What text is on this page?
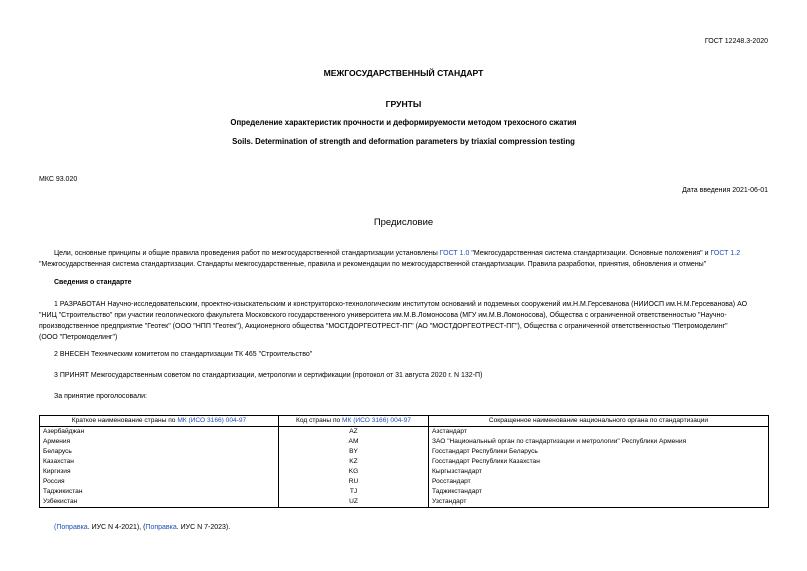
ГОСТ 12248.3-2020
МЕЖГОСУДАРСТВЕННЫЙ СТАНДАРТ
ГРУНТЫ
Определение характеристик прочности и деформируемости методом трехосного сжатия
Soils. Determination of strength and deformation parameters by triaxial compression testing
МКС 93.020
Дата введения 2021-06-01
Предисловие
Цели, основные принципы и общие правила проведения работ по межгосударственной стандартизации установлены ГОСТ 1.0 "Межгосударственная система стандартизации. Основные положения" и ГОСТ 1.2
"Межгосударственная система стандартизации. Стандарты межгосударственные, правила и рекомендации по межгосударственной стандартизации. Правила разработки, принятия, обновления и отмены"
Сведения о стандарте
1 РАЗРАБОТАН Научно-исследовательским, проектно-изыскательским и конструкторско-технологическим институтом оснований и подземных сооружений им.Н.М.Герсеванова (НИИОСП им.Н.М.Герсеванова) АО
"НИЦ "Строительство" при участии геологического факультета Московского государственного университета им.М.В.Ломоносова (МГУ им.М.В.Ломоносова), Общества с ограниченной ответственностью "Научно-
производственное предприятие "Геотек" (ООО "НПП "Геотек"), Акционерного общества "МОСТДОРГЕОТРЕСТ-ПГ" (АО "МОСТДОРГЕОТРЕСТ-ПГ"), Общества с ограниченной ответственностью "Петромоделинг"
(ООО "Петромоделинг")
2 ВНЕСЕН Техническим комитетом по стандартизации ТК 465 "Строительство"
3 ПРИНЯТ Межгосударственным советом по стандартизации, метрологии и сертификации (протокол от 31 августа 2020 г. N 132-П)
За принятие проголосовали:
Краткое наименование страны по МК (ИСО 3166) 004-97	Код страны по МК (ИСО 3166) 004-97	Сокращенное наименование национального органа по стандартизации
Азербайджан	AZ	Азстандарт
Армения	AM	ЗАО "Национальный орган по стандартизации и метрологии" Республики Армения
Беларусь	BY	Госстандарт Республики Беларусь
Казахстан	KZ	Госстандарт Республики Казахстан
Киргизия	KG	Кыргызстандарт
Россия	RU	Росстандарт
Таджикистан	TJ	Таджикстандарт
Узбекистан	UZ	Узстандарт
(Поправка. ИУС N 4-2021), (Поправка. ИУС N 7-2023).
